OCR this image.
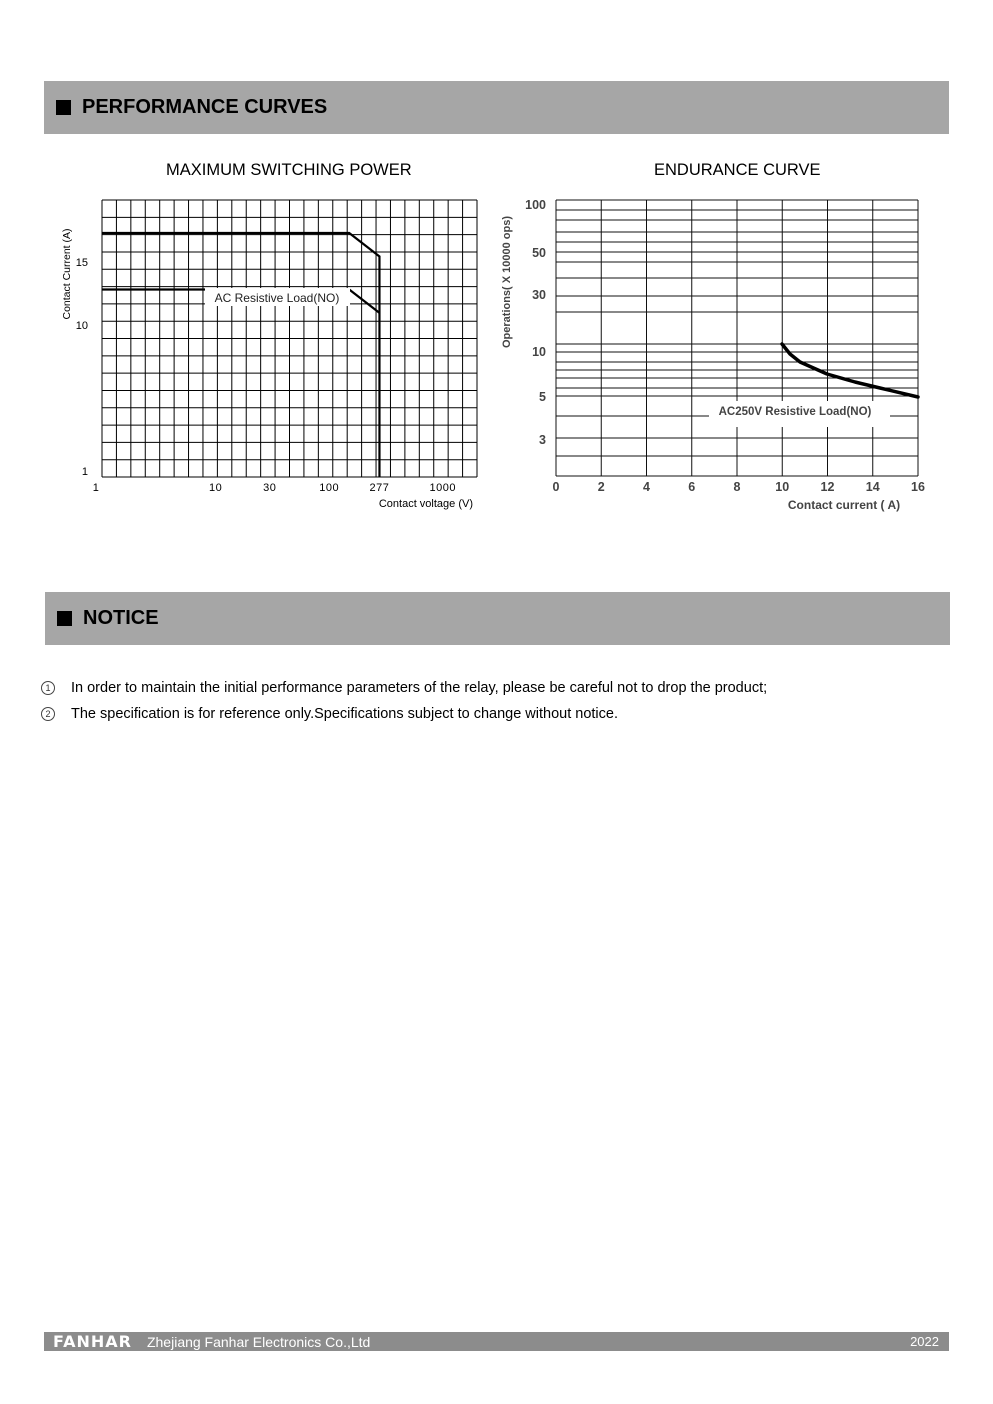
PERFORMANCE CURVES
MAXIMUM SWITCHING POWER	ENDURANCE CURVE
AC Resistive Load(NO)
1	10	30	100	277	1000
1
10
15
Contact voltage (V)
Contact Current (A)
AC250V Resistive Load(NO)
0	2	4	6	8	10	12	14	16
100
50
30
10
5
3
Contact current ( A)
Operations( X 10000 ops)
NOTICE
1	In order to maintain the initial performance parameters of the relay, please be careful not to drop the product;
2	The specification is for reference only.Specifications subject to change without notice.
FANHAR Zhejiang Fanhar Electronics Co.,Ltd	2022
